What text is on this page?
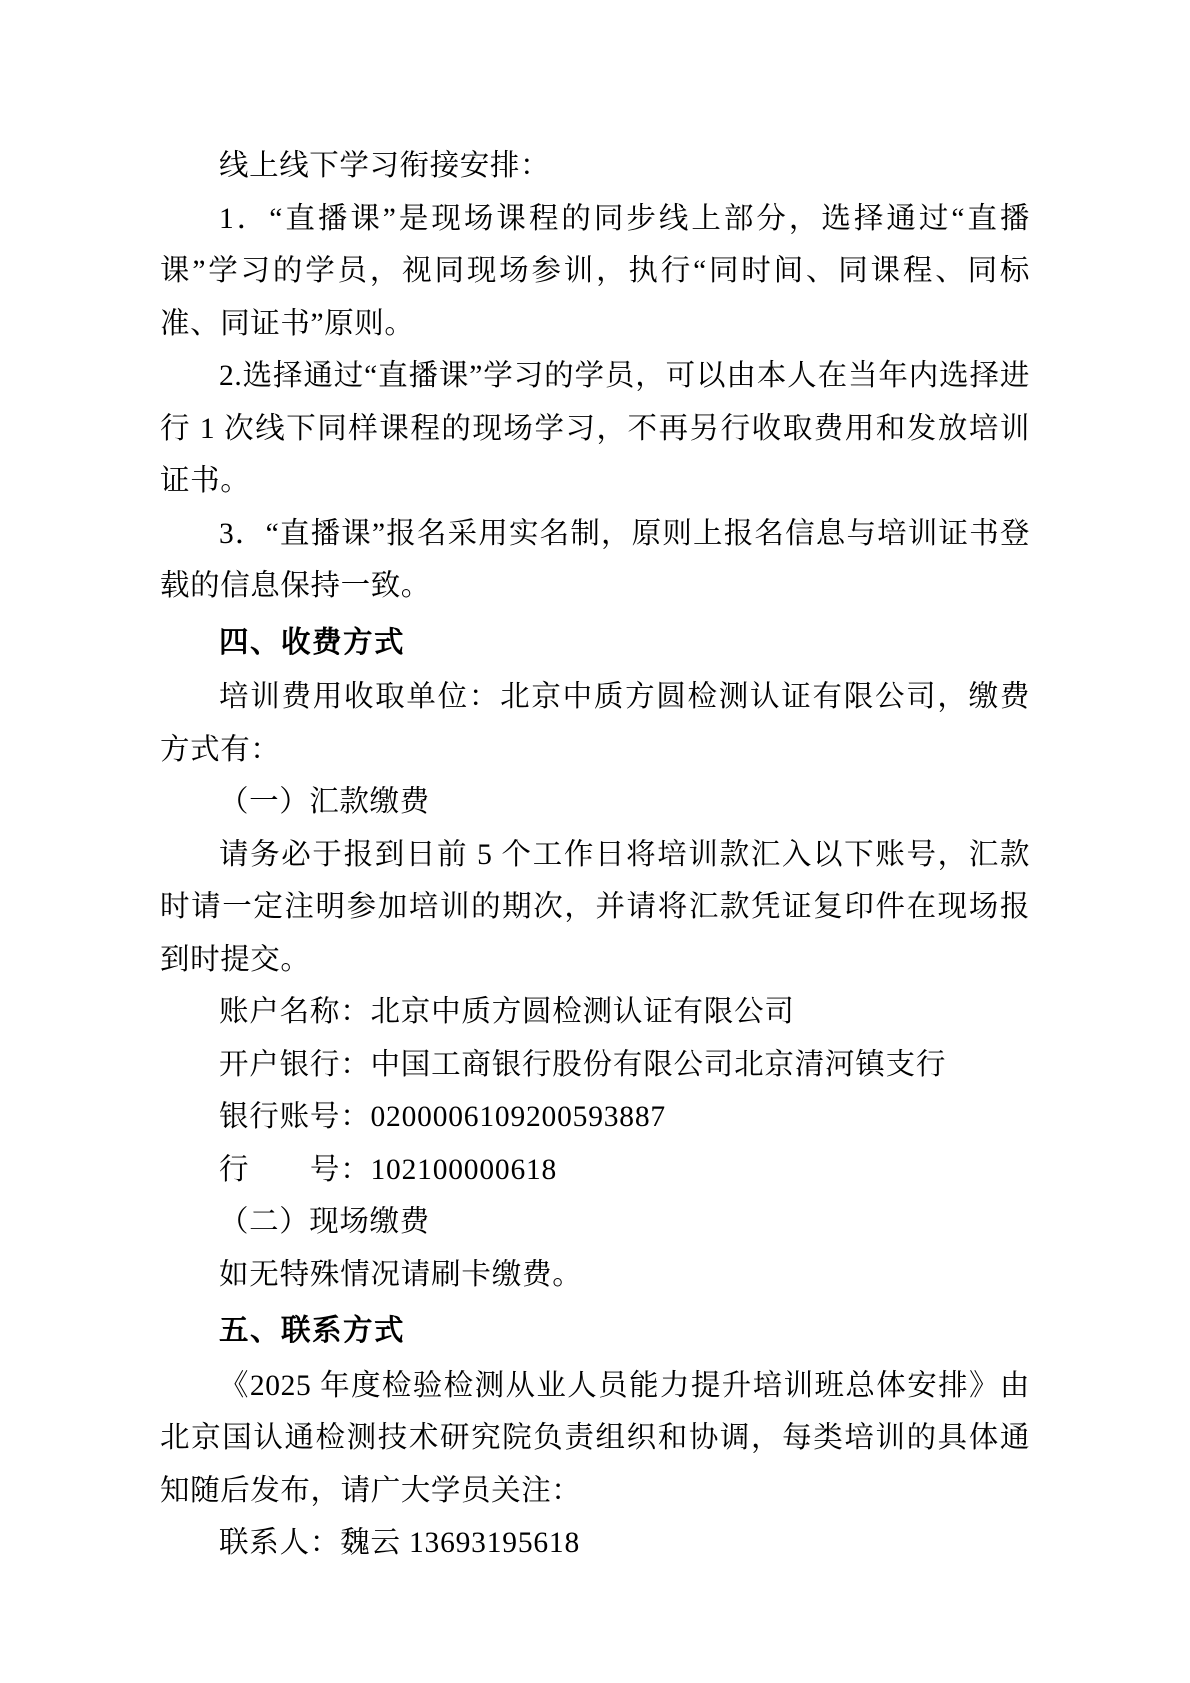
线上线下学习衔接安排：

1．“直播课”是现场课程的同步线上部分，选择通过“直播课”学习的学员，视同现场参训，执行“同时间、同课程、同标准、同证书”原则。

2.选择通过“直播课”学习的学员，可以由本人在当年内选择进行 1 次线下同样课程的现场学习，不再另行收取费用和发放培训证书。

3．“直播课”报名采用实名制，原则上报名信息与培训证书登载的信息保持一致。

四、收费方式

培训费用收取单位：北京中质方圆检测认证有限公司，缴费方式有：

（一）汇款缴费

请务必于报到日前 5 个工作日将培训款汇入以下账号，汇款时请一定注明参加培训的期次，并请将汇款凭证复印件在现场报到时提交。

账户名称：北京中质方圆检测认证有限公司

开户银行：中国工商银行股份有限公司北京清河镇支行

银行账号：0200006109200593887

行　　号：102100000618

（二）现场缴费

如无特殊情况请刷卡缴费。

五、联系方式

《2025 年度检验检测从业人员能力提升培训班总体安排》由北京国认通检测技术研究院负责组织和协调，每类培训的具体通知随后发布，请广大学员关注：

联系人：魏云 13693195618
